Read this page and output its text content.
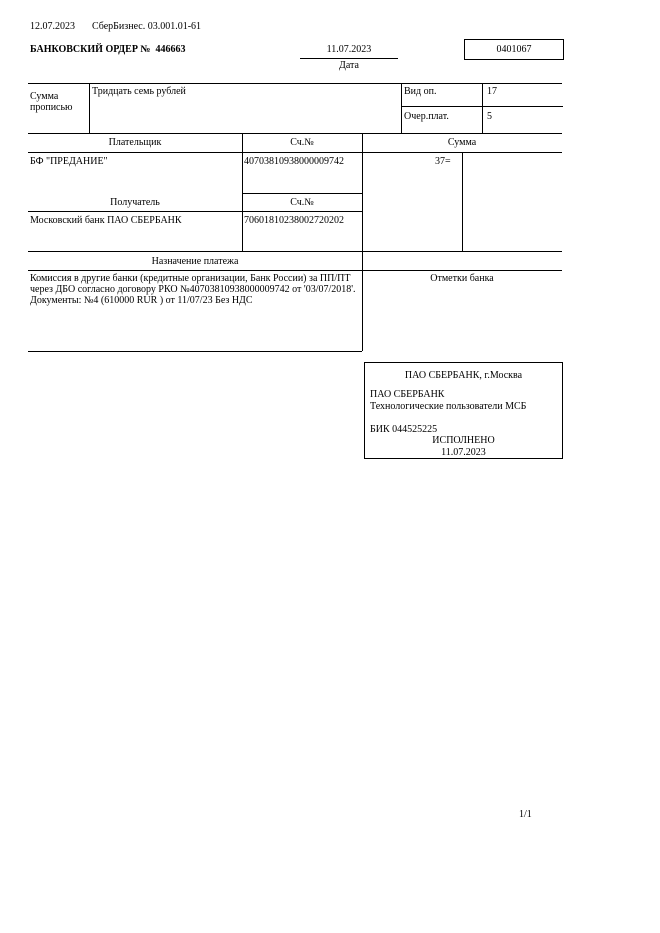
12.07.2023 СберБизнес. 03.001.01-61
БАНКОВСКИЙ ОРДЕР № 446663	11.07.2023
Дата
0401067
Сумма
прописью
Тридцать семь рублей	Вид оп.	17
Очер.плат.	5
Плательщик	Сч.№	Сумма
БФ "ПРЕДАНИЕ"	40703810938000009742	37=
Получатель	Сч.№
Московский банк ПАО СБЕРБАНК	70601810238002720202
Назначение платежа
Комиссия в другие банки (кредитные организации, Банк России) за ПП/ПТ
через ДБО согласно договору РКО №40703810938000009742 от '03/07/2018'.
Документы: №4 (610000 RUR ) от 11/07/23 Без НДС
Отметки банка
ПАО СБЕРБАНК, г.Москва
ПАО СБЕРБАНК
Технологические пользователи МСБ
БИК 044525225
ИСПОЛНЕНО
11.07.2023
1/1
